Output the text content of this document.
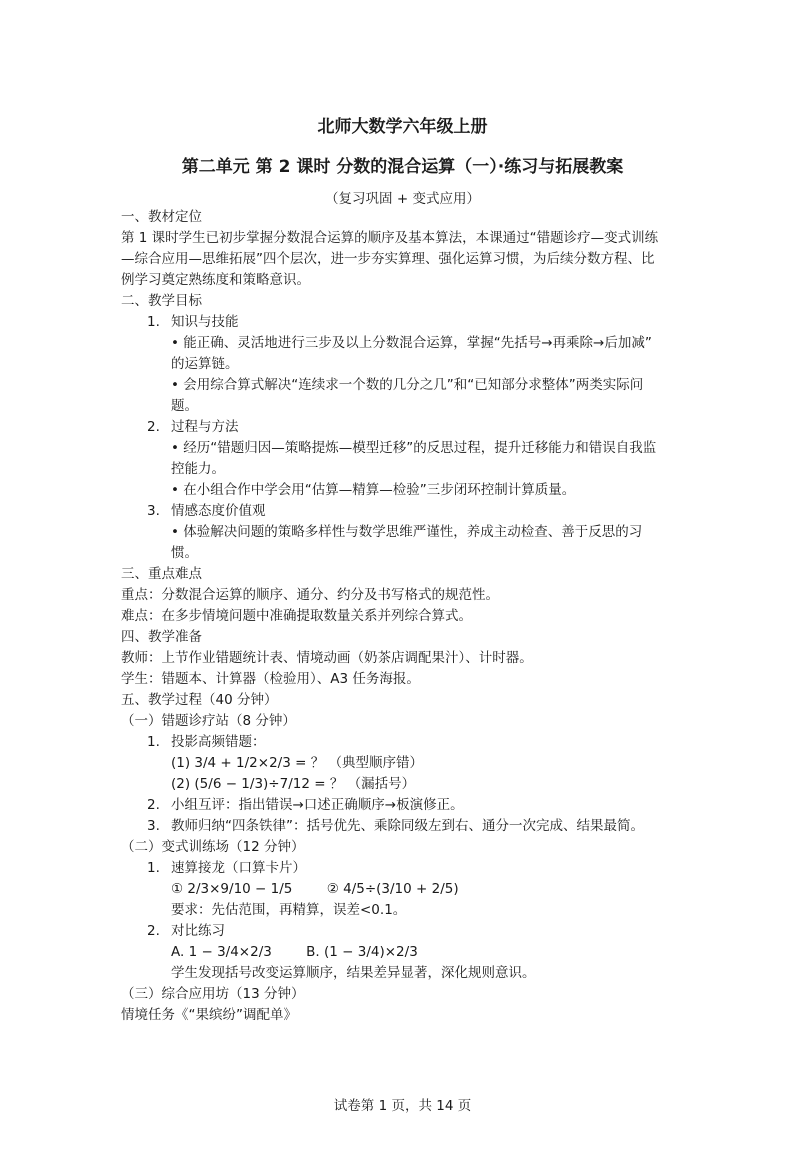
北师大数学六年级上册
第二单元 第 2 课时 分数的混合运算（一）·练习与拓展教案
（复习巩固 + 变式应用）
一、教材定位
第 1 课时学生已初步掌握分数混合运算的顺序及基本算法，本课通过“错题诊疗—变式训练
—综合应用—思维拓展”四个层次，进一步夯实算理、强化运算习惯，为后续分数方程、比
例学习奠定熟练度和策略意识。
二、教学目标
1. 知识与技能
• 能正确、灵活地进行三步及以上分数混合运算，掌握“先括号→再乘除→后加减”
的运算链。
• 会用综合算式解决“连续求一个数的几分之几”和“已知部分求整体”两类实际问
题。
2. 过程与方法
• 经历“错题归因—策略提炼—模型迁移”的反思过程，提升迁移能力和错误自我监
控能力。
• 在小组合作中学会用“估算—精算—检验”三步闭环控制计算质量。
3. 情感态度价值观
• 体验解决问题的策略多样性与数学思维严谨性，养成主动检查、善于反思的习
惯。
三、重点难点
重点：分数混合运算的顺序、通分、约分及书写格式的规范性。
难点：在多步情境问题中准确提取数量关系并列综合算式。
四、教学准备
教师：上节作业错题统计表、情境动画（奶茶店调配果汁）、计时器。
学生：错题本、计算器（检验用）、A3 任务海报。
五、教学过程（40 分钟）
（一）错题诊疗站（8 分钟）
1. 投影高频错题：
(1) 3/4 + 1/2×2/3 = ？ （典型顺序错）
(2) (5/6 − 1/3)÷7/12 = ？ （漏括号）
2. 小组互评：指出错误→口述正确顺序→板演修正。
3. 教师归纳“四条铁律”：括号优先、乘除同级左到右、通分一次完成、结果最简。
（二）变式训练场（12 分钟）
1. 速算接龙（口算卡片）
① 2/3×9/10 − 1/5        ② 4/5÷(3/10 + 2/5)
要求：先估范围，再精算，误差<0.1。
2. 对比练习
A. 1 − 3/4×2/3        B. (1 − 3/4)×2/3
学生发现括号改变运算顺序，结果差异显著，深化规则意识。
（三）综合应用坊（13 分钟）
情境任务《“果缤纷”调配单》
试卷第 1 页，共 14 页
